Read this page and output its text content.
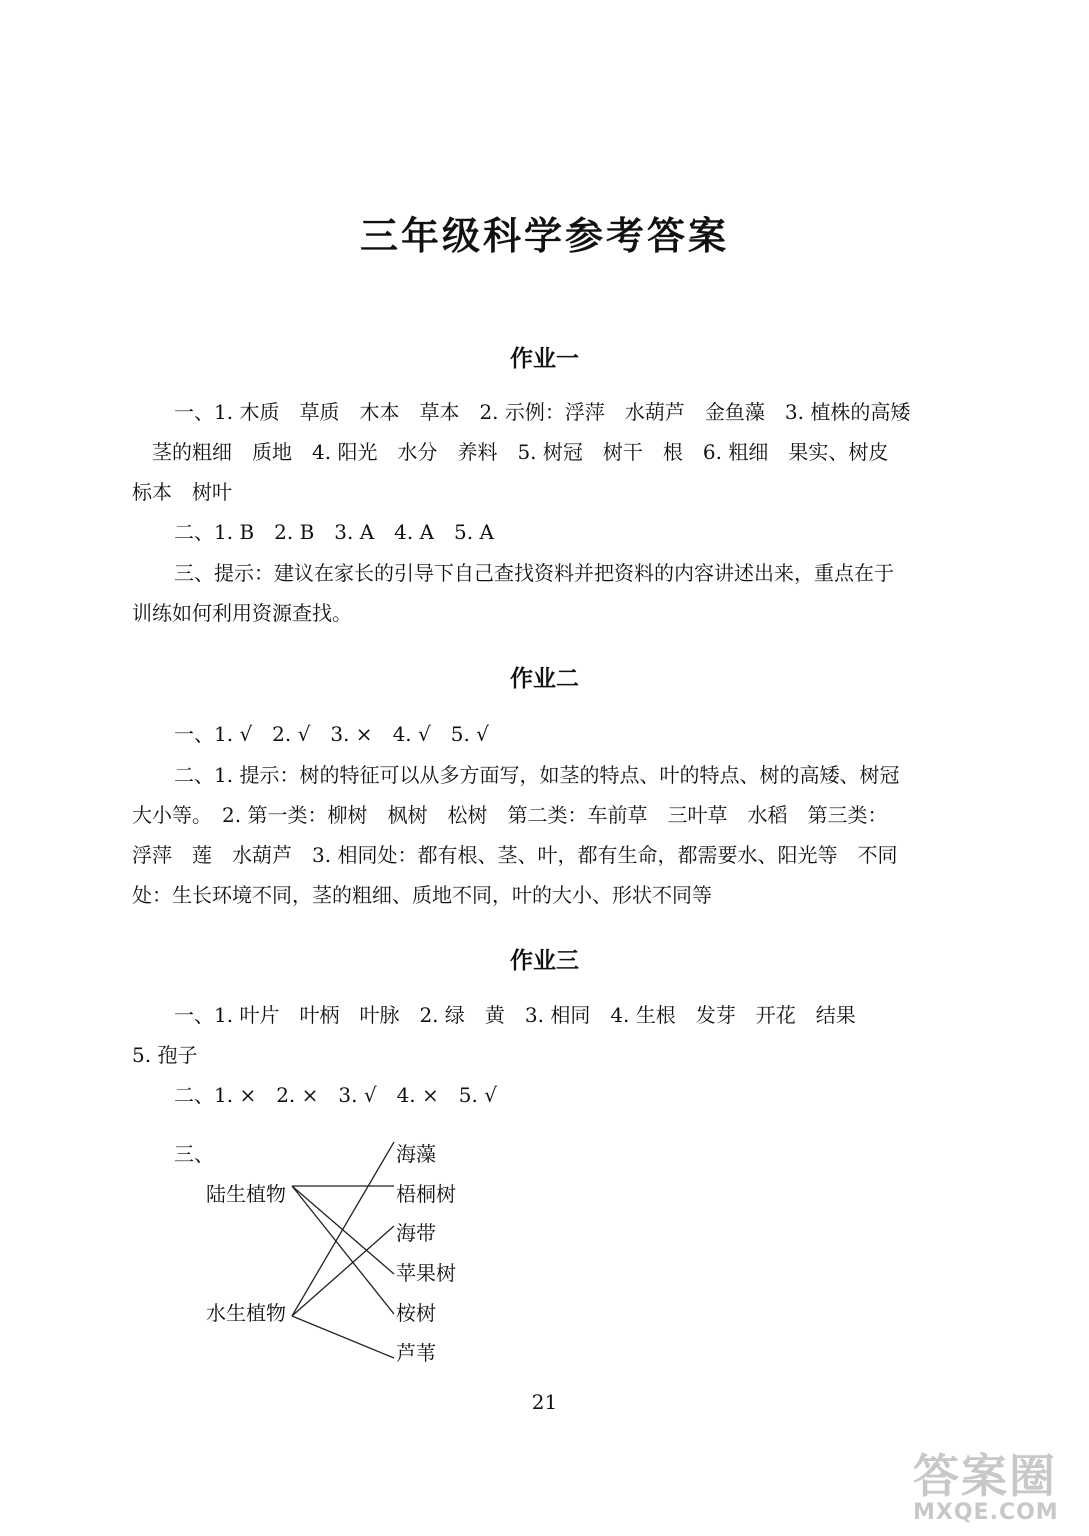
三年级科学参考答案
作业一
一、1. 木质　草质　木本　草本　2. 示例：浮萍　水葫芦　金鱼藻　3. 植株的高矮
　茎的粗细　质地　4. 阳光　水分　养料　5. 树冠　树干　根　6. 粗细　果实、树皮
标本　树叶
二、1. B　2. B　3. A　4. A　5. A
三、提示：建议在家长的引导下自己查找资料并把资料的内容讲述出来，重点在于
训练如何利用资源查找。
作业二
一、1. √　2. √　3. ×　4. √　5. √
二、1. 提示：树的特征可以从多方面写，如茎的特点、叶的特点、树的高矮、树冠
大小等。　2. 第一类：柳树　枫树　松树　第二类：车前草　三叶草　水稻　第三类：
浮萍　莲　水葫芦　3. 相同处：都有根、茎、叶，都有生命，都需要水、阳光等　不同
处：生长环境不同，茎的粗细、质地不同，叶的大小、形状不同等
作业三
一、1. 叶片　叶柄　叶脉　2. 绿　黄　3. 相同　4. 生根　发芽　开花　结果
5. 孢子
二、1. ×　2. ×　3. √　4. ×　5. √
三、
陆生植物
水生植物
海藻
梧桐树
海带
苹果树
桉树
芦苇
21
答案圈
MXQE.COM
